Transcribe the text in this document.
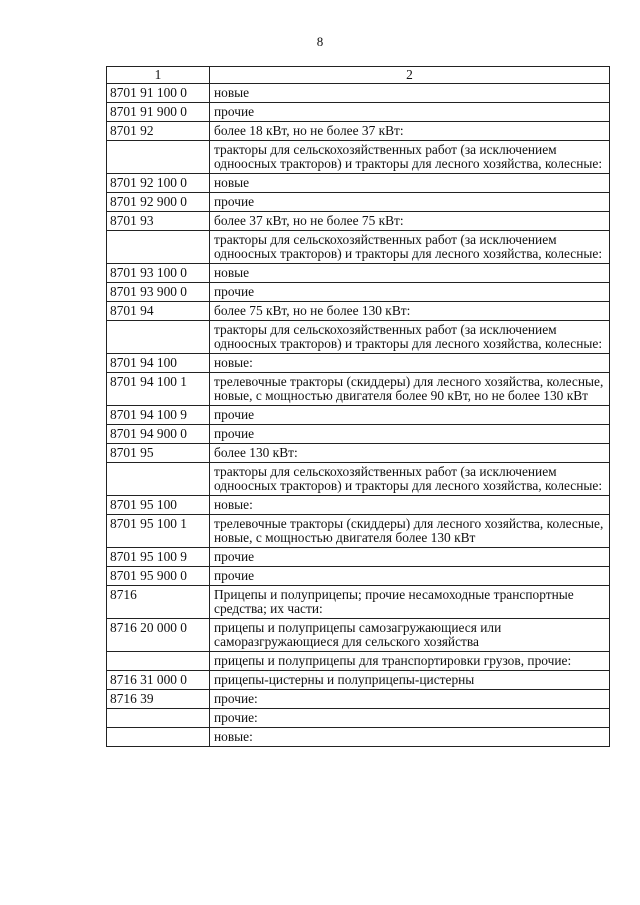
8
1	2
8701 91 100 0	новые
8701 91 900 0	прочие
8701 92	более 18 кВт, но не более 37 кВт:
	тракторы для сельскохозяйственных работ (за исключением одноосных тракторов) и тракторы для лесного хозяйства, колесные:
8701 92 100 0	новые
8701 92 900 0	прочие
8701 93	более 37 кВт, но не более 75 кВт:
	тракторы для сельскохозяйственных работ (за исключением одноосных тракторов) и тракторы для лесного хозяйства, колесные:
8701 93 100 0	новые
8701 93 900 0	прочие
8701 94	более 75 кВт, но не более 130 кВт:
	тракторы для сельскохозяйственных работ (за исключением одноосных тракторов) и тракторы для лесного хозяйства, колесные:
8701 94 100	новые:
8701 94 100 1	трелевочные тракторы (скиддеры) для лесного хозяйства, колесные, новые, с мощностью двигателя более 90 кВт, но не более 130 кВт
8701 94 100 9	прочие
8701 94 900 0	прочие
8701 95	более 130 кВт:
	тракторы для сельскохозяйственных работ (за исключением одноосных тракторов) и тракторы для лесного хозяйства, колесные:
8701 95 100	новые:
8701 95 100 1	трелевочные тракторы (скиддеры) для лесного хозяйства, колесные, новые, с мощностью двигателя более 130 кВт
8701 95 100 9	прочие
8701 95 900 0	прочие
8716	Прицепы и полуприцепы; прочие несамоходные транспортные средства; их части:
8716 20 000 0	прицепы и полуприцепы самозагружающиеся или саморазгружающиеся для сельского хозяйства
	прицепы и полуприцепы для транспортировки грузов, прочие:
8716 31 000 0	прицепы-цистерны и полуприцепы-цистерны
8716 39	прочие:
	прочие:
	новые:
